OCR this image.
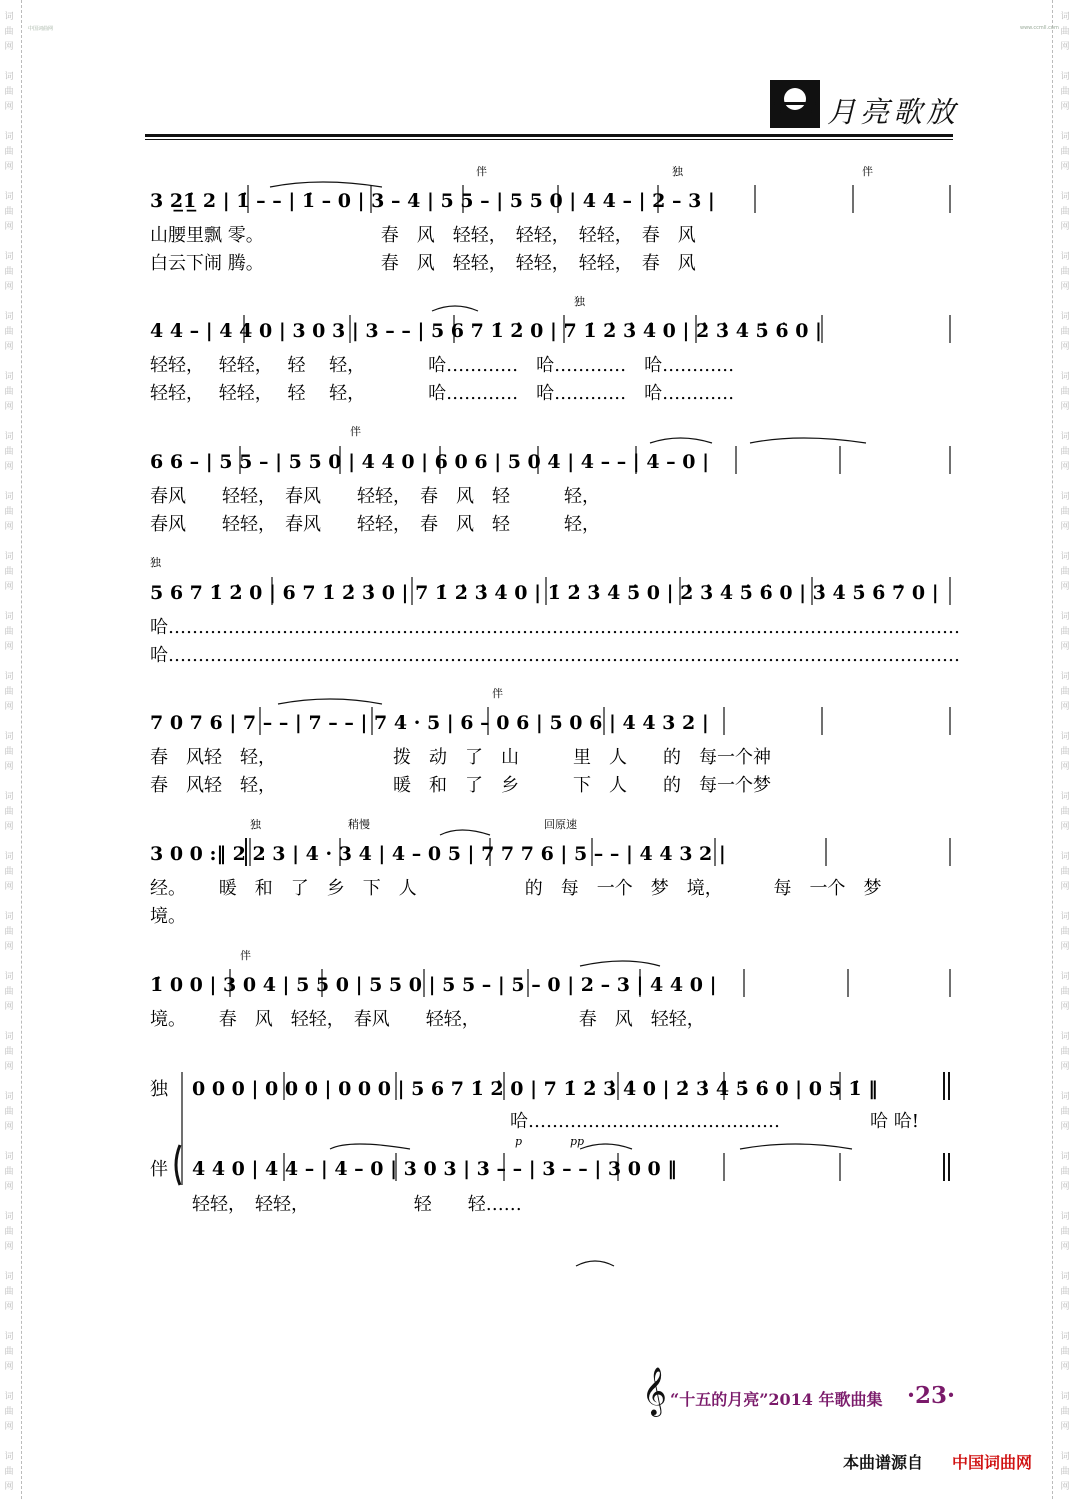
词
曲
网
词
曲
网
词
曲
网
词
曲
网
词
曲
网
词
曲
网
词
曲
网
词
曲
网
词
曲
网
词
曲
网
词
曲
网
词
曲
网
词
曲
网
词
曲
网
词
曲
网
词
曲
网
词
曲
网
词
曲
网
词
曲
网
词
曲
网
词
曲
网
词
曲
网
词
曲
网
词
曲
网
词
曲
网
词
曲
网
词
曲
网
词
曲
网
词
曲
网
词
曲
网
词
曲
网
词
曲
网
词
曲
网
词
曲
网
词
曲
网
词
曲
网
词
曲
网
词
曲
网
词
曲
网
词
曲
网
词
曲
网
词
曲
网
词
曲
网
词
曲
网
词
曲
网
词
曲
网
词
曲
网
词
曲
网
词
曲
网
词
曲
网
中国词曲网	www.ccmll.com
月亮歌放
伴	独	伴
独
伴
独
伴
独	稍慢	回原速
伴
p	pp
3 2̲1̲̇ 2 | 1̇ – – | 1̇ – 0 | 3 – 4 | 5 5 – | 5 5 0 | 4 4 – | 2 – 3 |
山腰里飘 零。　　　　　　　春　风　轻轻，　轻轻，　轻轻，　春　风
白云下闹 腾。　　　　　　　春　风　轻轻，　轻轻，　轻轻，　春　风
4 4 – | 4 4 0 | 3 0 3 | 3 – – | 5 6 7 1̇ 2̇ 0 | 7 1̇ 2̇ 3̇ 4̇ 0 | 2̇ 3̇ 4̇ 5̇ 6̇ 0 |
轻轻，　 轻轻，　 轻　 轻，　　　　哈…………　哈…………　哈…………
轻轻，　 轻轻，　 轻　 轻，　　　　哈…………　哈…………　哈…………
6 6 – | 5 5 – | 5 5 0 | 4 4 0 | 6 0 6 | 5 0 4 | 4 – – | 4 – 0 |
春风　　轻轻，　春风　　轻轻，　春　风　轻　　　轻，
春风　　轻轻，　春风　　轻轻，　春　风　轻　　　轻，
5 6 7 1̇ 2̇ 0 | 6 7 1̇ 2̇ 3̇ 0 | 7 1̇ 2̇ 3̇ 4̇ 0 | 1̇ 2̇ 3̇ 4̇ 5̇ 0 | 2̇ 3̇ 4̇ 5̇ 6̇ 0 | 3̇ 4̇ 5̇ 6̇ 7̇ 0 |
哈……………………………………………………………………………………………………………………
哈……………………………………………………………………………………………………………………
7 0 7 6 | 7 – – | 7 – – | 7 4 · 5 | 6 – 0 6 | 5 0 6 | 4 4 3 2 |
春　风轻　轻，　　　　　　　拨　动　了　山　　　里　人　　的　每一个神
春　风轻　轻，　　　　　　　暖　和　了　乡　　　下　人　　的　每一个梦
3 0 0 :‖ 2 2 3 | 4 · 3 4 | 4 – 0 5 | 7 7 7 6 | 5 – – | 4 4 3 2 |
经。　　 暖　和　了　乡　下　人　　　　　　的　每　一个　梦　境，　　　 每　一个　梦
境。
1̇ 0 0 | 3 0 4 | 5 5 0 | 5 5 0 | 5 5 – | 5 – 0 | 2 – 3 | 4 4 0 |
境。　　 春　风　轻轻，　春风　　轻轻，　　　　　　春　风　轻轻，
独
伴
0 0 0 | 0 0 0 | 0 0 0 | 5 6 7 1̇ 2̇ 0 | 7 1̇ 2̇ 3̇ 4̇ 0 | 2̇ 3̇ 4̇ 5̇ 6̇ 0 | 0 5 1̇ ‖
哈……………………………………　　　　　哈 哈!
4 4 0 | 4 4 – | 4 – 0 | 3 0 3 | 3 – – | 3 – – | 3 0 0 ‖
轻轻，　轻轻，　　　　　　 轻　　轻……
𝄞 “十五的月亮”2014 年歌曲集 ·23·
本曲谱源自 中国词曲网
